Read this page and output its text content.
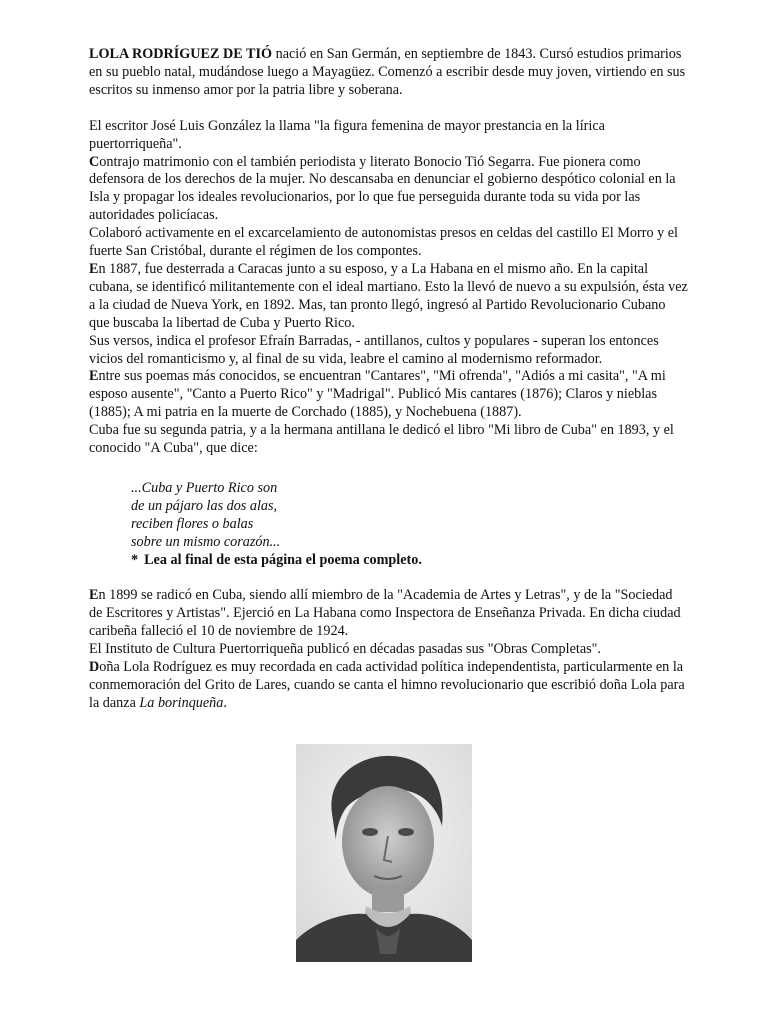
LOLA RODRÍGUEZ DE TIÓ nació en San Germán, en septiembre de 1843. Cursó estudios primarios en su pueblo natal, mudándose luego a Mayagüez. Comenzó a escribir desde muy joven, virtiendo en sus escritos su inmenso amor por la patria libre y soberana.

El escritor José Luis González la llama "la figura femenina de mayor prestancia en la lírica puertorriqueña".

Contrajo matrimonio con el también periodista y literato Bonocio Tió Segarra. Fue pionera como defensora de los derechos de la mujer. No descansaba en denunciar el gobierno despótico colonial en la Isla y propagar los ideales revolucionarios, por lo que fue perseguida durante toda su vida por las autoridades policíacas.

Colaboró activamente en el excarcelamiento de autonomistas presos en celdas del castillo El Morro y el fuerte San Cristóbal, durante el régimen de los compontes.

En 1887, fue desterrada a Caracas junto a su esposo, y a La Habana en el mismo año. En la capital cubana, se identificó militantemente con el ideal martiano. Esto la llevó de nuevo a su expulsión, ésta vez a la ciudad de Nueva York, en 1892. Mas, tan pronto llegó, ingresó al Partido Revolucionario Cubano que buscaba la libertad de Cuba y Puerto Rico.

Sus versos, indica el profesor Efraín Barradas, - antillanos, cultos y populares - superan los entonces vicios del romanticismo y, al final de su vida, leabre el camino al modernismo reformador.

Entre sus poemas más conocidos, se encuentran "Cantares", "Mi ofrenda", "Adiós a mi casita", "A mi esposo ausente", "Canto a Puerto Rico" y "Madrigal". Publicó Mis cantares (1876); Claros y nieblas (1885); A mi patria en la muerte de Corchado (1885), y Nochebuena (1887).

Cuba fue su segunda patria, y a la hermana antillana le dedicó el libro "Mi libro de Cuba" en 1893, y el conocido "A Cuba", que dice:

...Cuba y Puerto Rico son
de un pájaro las dos alas,
reciben flores o balas
sobre un mismo corazón...
* Lea al final de esta página el poema completo.

En 1899 se radicó en Cuba, siendo allí miembro de la "Academia de Artes y Letras", y de la "Sociedad de Escritores y Artistas". Ejerció en La Habana como Inspectora de Enseñanza Privada. En dicha ciudad caribeña falleció el 10 de noviembre de 1924.

El Instituto de Cultura Puertorriqueña publicó en décadas pasadas sus "Obras Completas".

Doña Lola Rodríguez es muy recordada en cada actividad política independentista, particularmente en la conmemoración del Grito de Lares, cuando se canta el himno revolucionario que escribió doña Lola para la danza La borinqueña.
